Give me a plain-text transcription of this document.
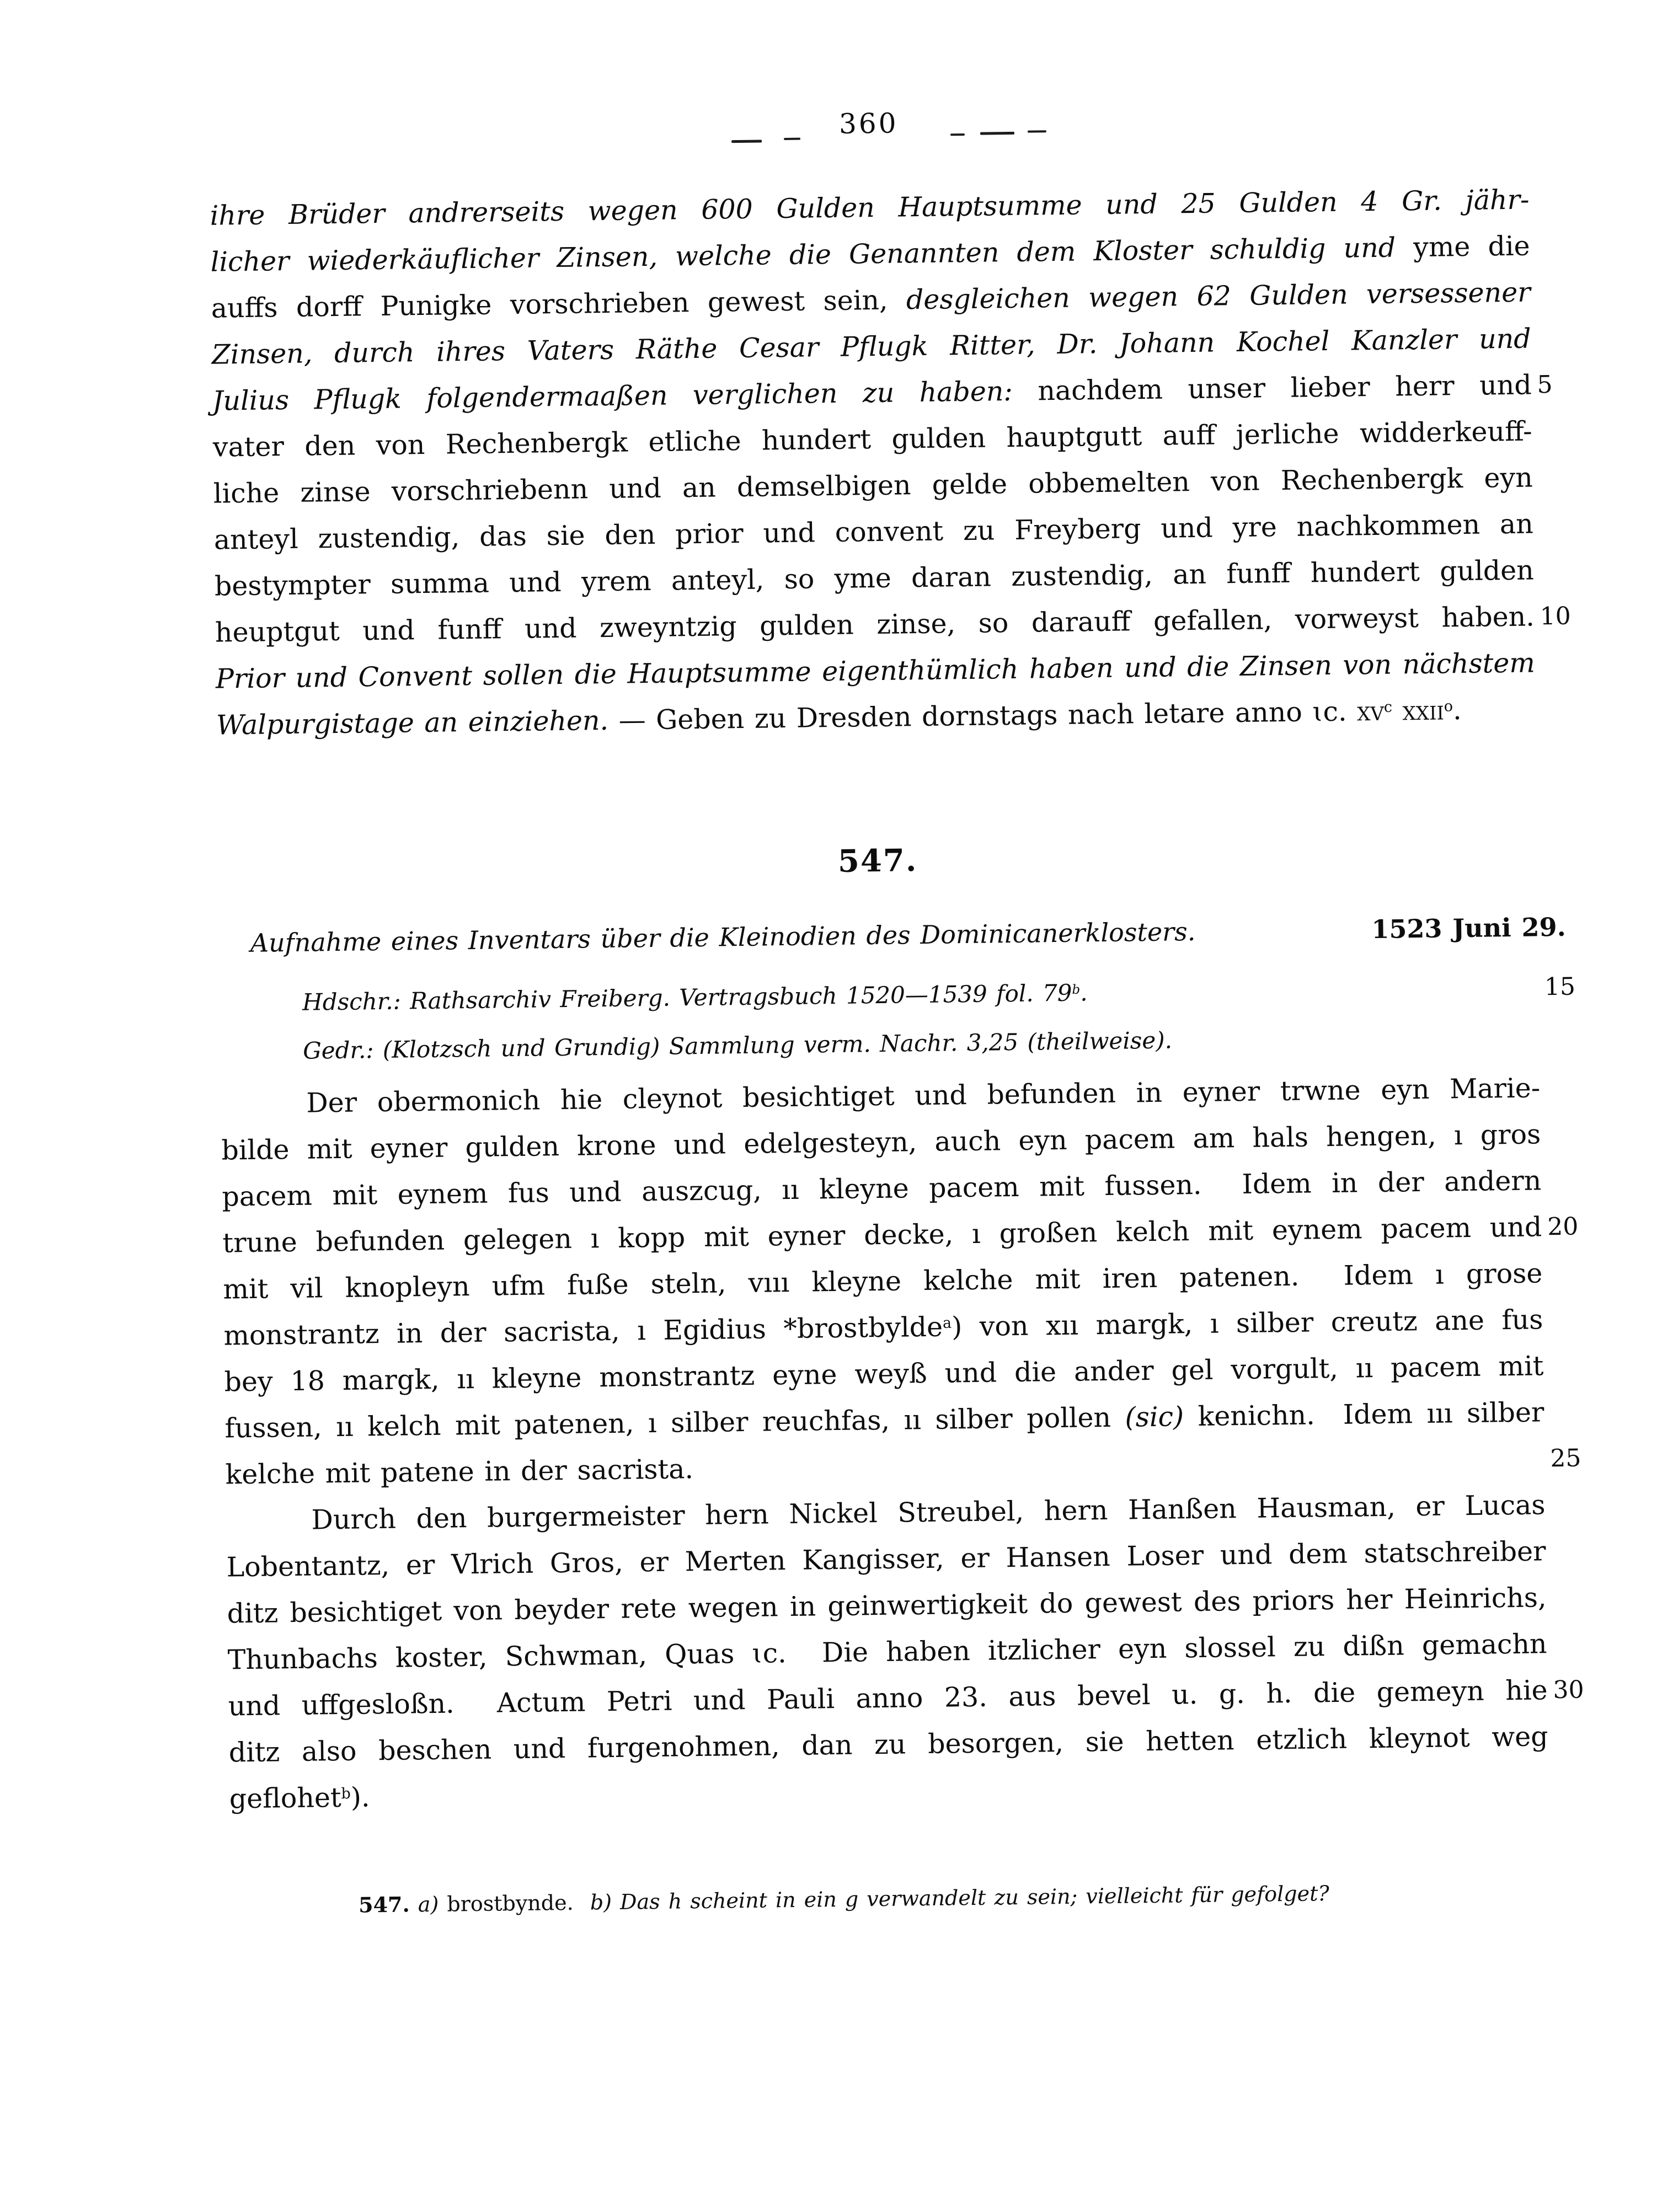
360
ihre Brüder andrerseits wegen 600 Gulden Hauptsumme und 25 Gulden 4 Gr. jähr-
licher wiederkäuflicher Zinsen, welche die Genannten dem Kloster schuldig und yme die
auffs dorff Punigke vorschrieben gewest sein, desgleichen wegen 62 Gulden versessener
Zinsen, durch ihres Vaters Räthe Cesar Pflugk Ritter, Dr. Johann Kochel Kanzler und
Julius Pflugk folgendermaaßen verglichen zu haben: nachdem unser lieber herr und 5
vater den von Rechenbergk etliche hundert gulden hauptgutt auff jerliche widderkeuff-
liche zinse vorschriebenn und an demselbigen gelde obbemelten von Rechenbergk eyn
anteyl zustendig, das sie den prior und convent zu Freyberg und yre nachkommen an
bestympter summa und yrem anteyl, so yme daran zustendig, an funff hundert gulden
heuptgut und funff und zweyntzig gulden zinse, so darauff gefallen, vorweyst haben. 10
Prior und Convent sollen die Hauptsumme eigenthümlich haben und die Zinsen von nächstem
Walpurgistage an einziehen. — Geben zu Dresden dornstags nach letare anno ɩc. $xv^c$ xxii$^o$.
547.
Aufnahme eines Inventars über die Kleinodien des Dominicanerklosters.	1523 Juni 29.
Hdschr.: Rathsarchiv Freiberg. Vertragsbuch 1520—1539 fol. 79$^b$.	15
Gedr.: (Klotzsch und Grundig) Sammlung verm. Nachr. 3,25 (theilweise).
Der obermonich hie cleynot besichtiget und befunden in eyner trwne eyn Marie-
bilde mit eyner gulden krone und edelgesteyn, auch eyn pacem am hals hengen, ı gros
pacem mit eynem fus und auszcug, ıı kleyne pacem mit fussen.  Idem in der andern
trune befunden gelegen ı kopp mit eyner decke, ı großen kelch mit eynem pacem und 20
mit vil knopleyn ufm fuße steln, vııı kleyne kelche mit iren patenen.  Idem ı grose
monstrantz in der sacrista, ı Egidius *brostbylde$^a$) von xıı margk, ı silber creutz ane fus
bey 18 margk, ıı kleyne monstrantz eyne weyß und die ander gel vorgult, ıı pacem mit
fussen, ıı kelch mit patenen, ı silber reuchfas, ıı silber pollen (sic) kenichn.  Idem ııı silber
kelche mit patene in der sacrista.	25
Durch den burgermeister hern Nickel Streubel, hern Hanßen Hausman, er Lucas
Lobentantz, er Vlrich Gros, er Merten Kangisser, er Hansen Loser und dem statschreiber
ditz besichtiget von beyder rete wegen in geinwertigkeit do gewest des priors her Heinrichs,
Thunbachs koster, Schwman, Quas ɩc.  Die haben itzlicher eyn slossel zu dißn gemachn
und uffgesloßn.  Actum Petri und Pauli anno 23. aus bevel u. g. h. die gemeyn hie 30
ditz also beschen und furgenohmen, dan zu besorgen, sie hetten etzlich kleynot weg
geflohet$^b$).
547. a) brostbynde.  b) Das h scheint in ein g verwandelt zu sein; vielleicht für gefolget?
